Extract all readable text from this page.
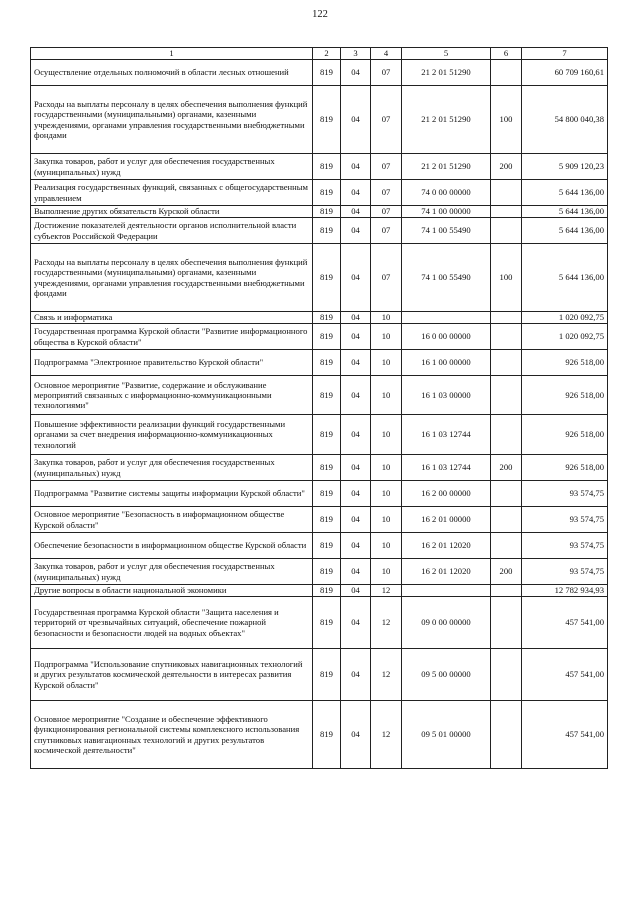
122
1	2	3	4	5	6	7
Осуществление отдельных полномочий в области лесных отношений	819	04	07	21 2 01 51290		60 709 160,61
Расходы на выплаты персоналу в целях обеспечения выполнения функций государственными (муниципальными) органами, казенными учреждениями, органами управления государственными внебюджетными фондами	819	04	07	21 2 01 51290	100	54 800 040,38
Закупка товаров, работ и услуг для обеспечения государственных (муниципальных) нужд	819	04	07	21 2 01 51290	200	5 909 120,23
Реализация государственных функций, связанных с общегосударственным управлением	819	04	07	74 0 00 00000		5 644 136,00
Выполнение других обязательств Курской области	819	04	07	74 1 00 00000		5 644 136,00
Достижение показателей деятельности органов исполнительной власти субъектов Российской Федерации	819	04	07	74 1 00 55490		5 644 136,00
Расходы на выплаты персоналу в целях обеспечения выполнения функций государственными (муниципальными) органами, казенными учреждениями, органами управления государственными внебюджетными фондами	819	04	07	74 1 00 55490	100	5 644 136,00
Связь и информатика	819	04	10			1 020 092,75
Государственная программа Курской области "Развитие информационного общества в Курской области"	819	04	10	16 0 00 00000		1 020 092,75
Подпрограмма "Электронное правительство Курской области"	819	04	10	16 1 00 00000		926 518,00
Основное мероприятие "Развитие, содержание и обслуживание мероприятий связанных с информационно-коммуникационными технологиями"	819	04	10	16 1 03 00000		926 518,00
Повышение эффективности реализации функций государственными органами за счет внедрения информационно-коммуникационных технологий	819	04	10	16 1 03 12744		926 518,00
Закупка товаров, работ и услуг для обеспечения государственных (муниципальных) нужд	819	04	10	16 1 03 12744	200	926 518,00
Подпрограмма "Развитие системы защиты информации Курской области"	819	04	10	16 2 00 00000		93 574,75
Основное мероприятие "Безопасность в информационном обществе Курской области"	819	04	10	16 2 01 00000		93 574,75
Обеспечение безопасности в информационном обществе Курской области	819	04	10	16 2 01 12020		93 574,75
Закупка товаров, работ и услуг для обеспечения государственных (муниципальных) нужд	819	04	10	16 2 01 12020	200	93 574,75
Другие вопросы в области национальной экономики	819	04	12			12 782 934,93
Государственная программа Курской области "Защита населения и территорий от чрезвычайных ситуаций, обеспечение пожарной безопасности и безопасности людей на водных объектах"	819	04	12	09 0 00 00000		457 541,00
Подпрограмма "Использование спутниковых навигационных технологий и других результатов космической деятельности в интересах развития Курской области"	819	04	12	09 5 00 00000		457 541,00
Основное мероприятие "Создание и обеспечение эффективного функционирования региональной системы комплексного использования спутниковых навигационных технологий и других результатов космической деятельности"	819	04	12	09 5 01 00000		457 541,00
